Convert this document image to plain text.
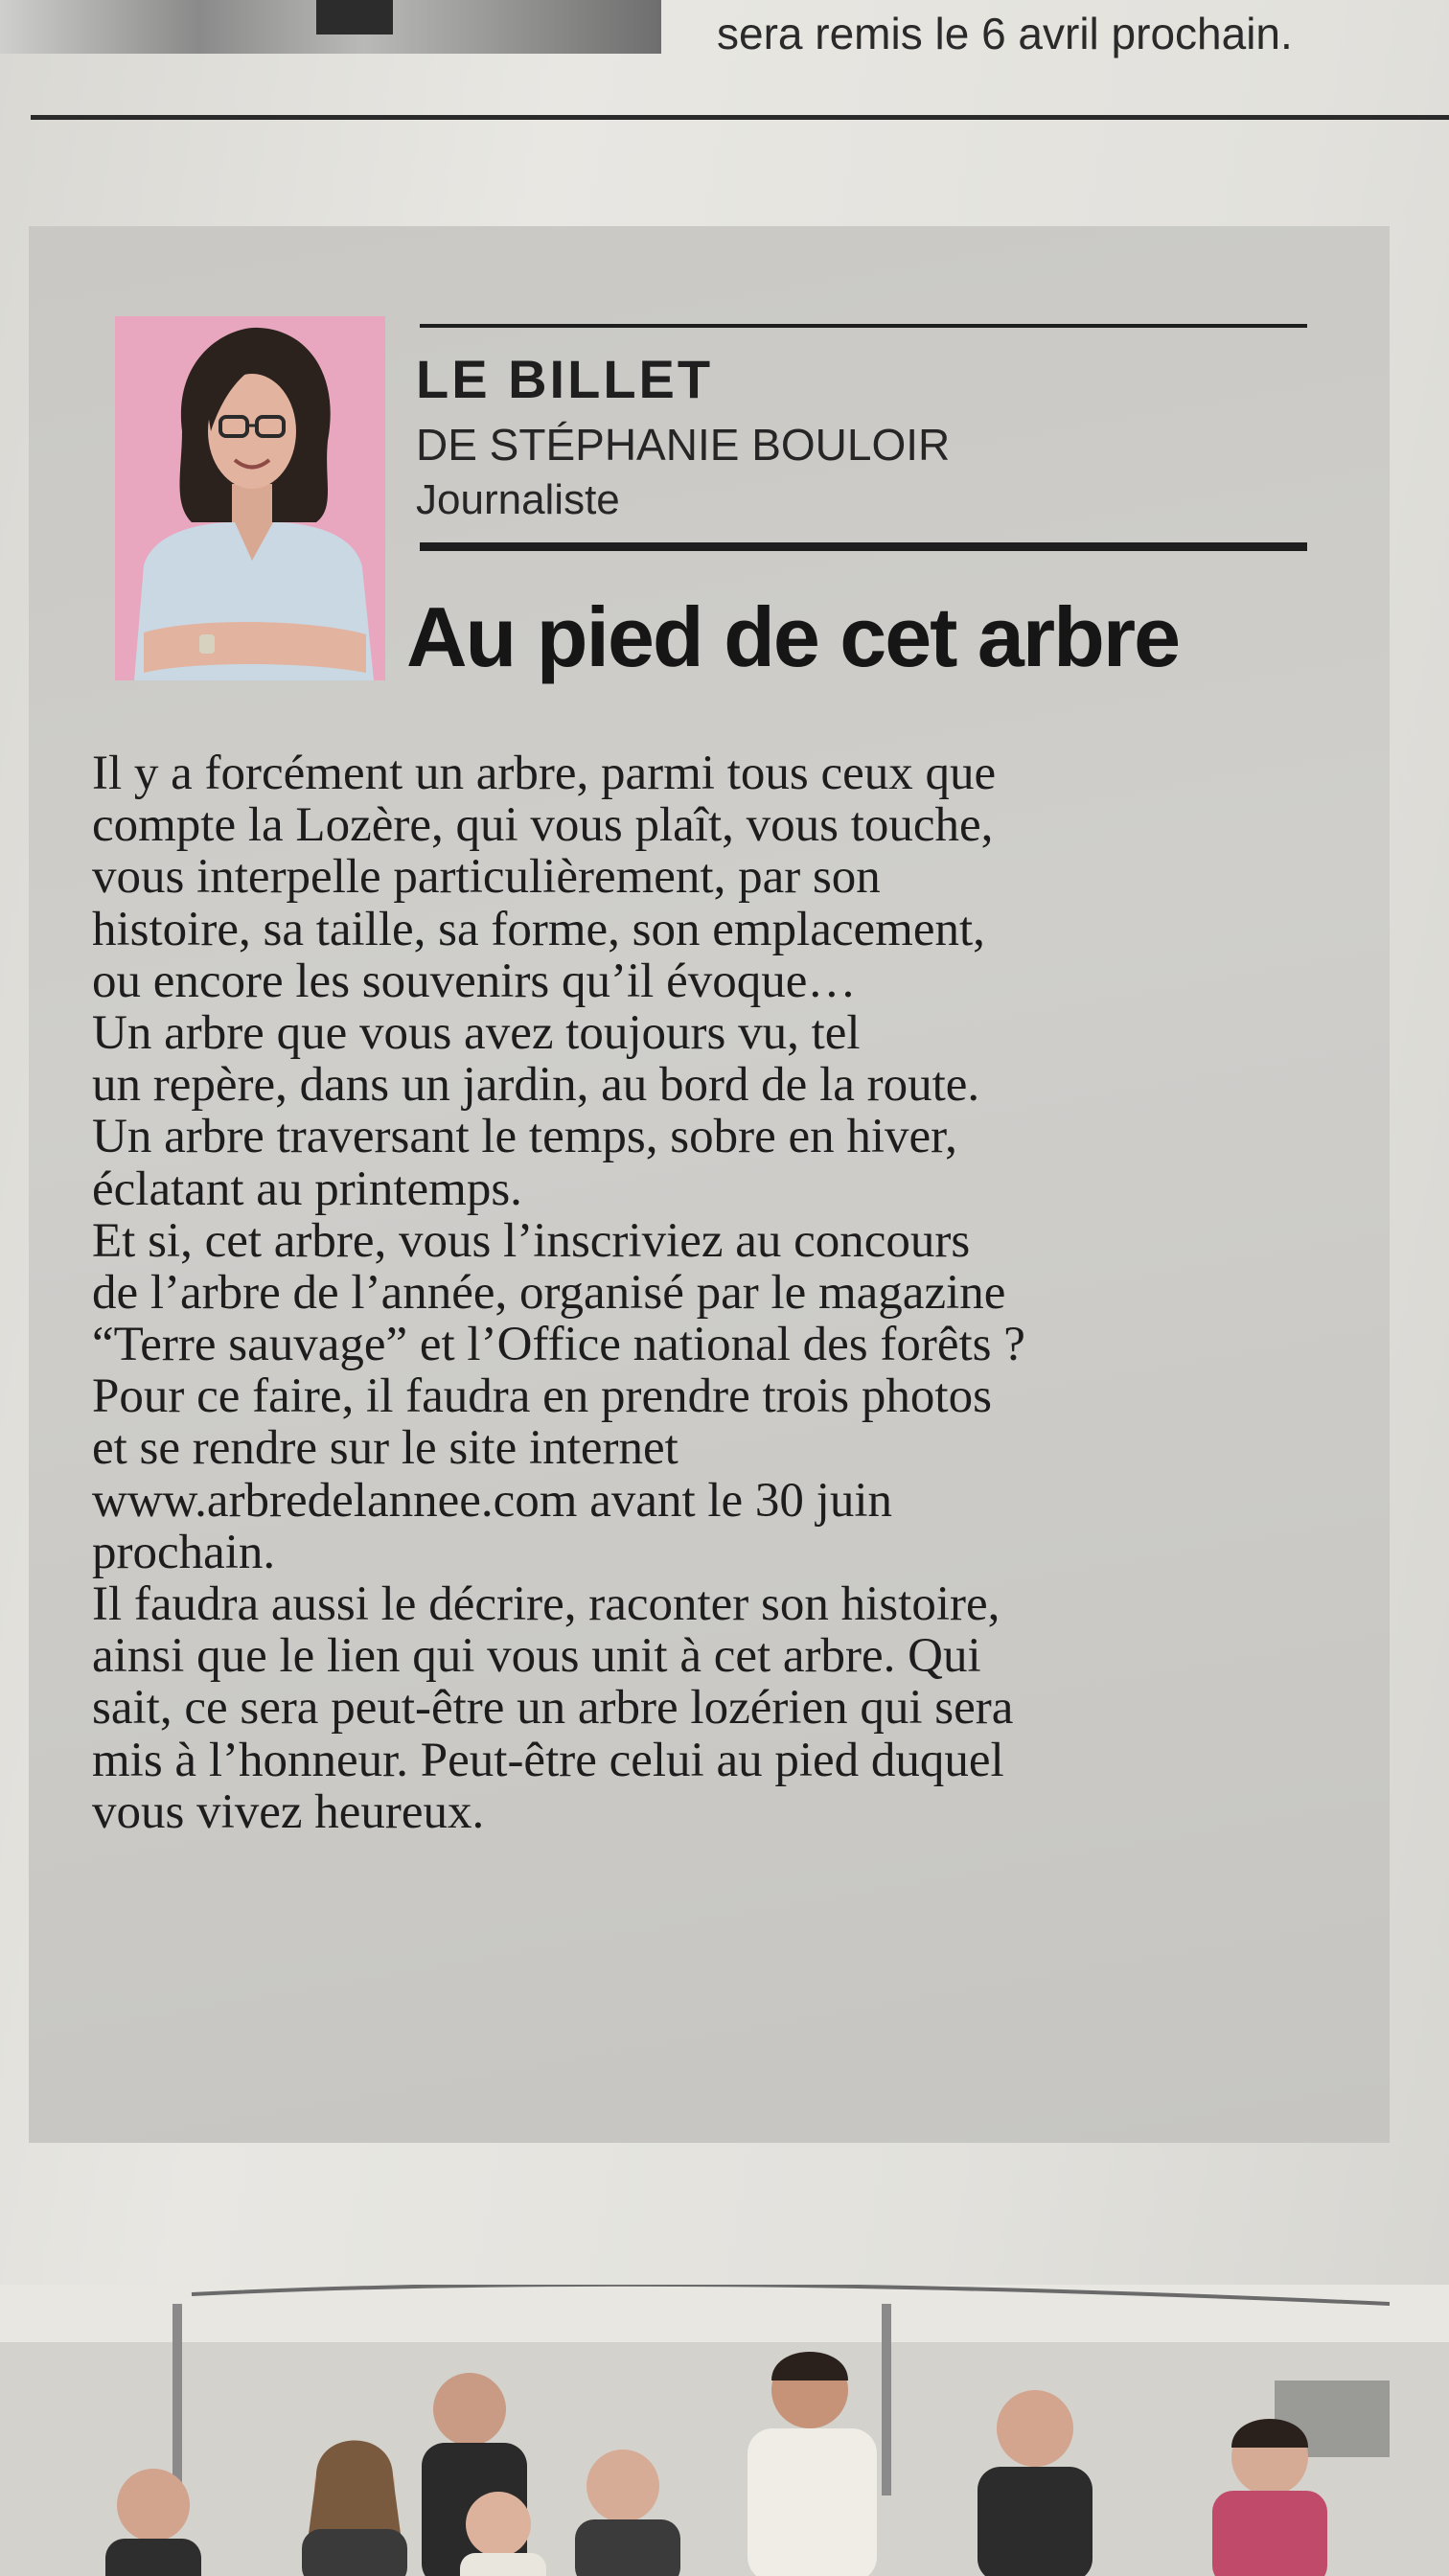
sera remis le 6 avril prochain.
LE BILLET
DE STÉPHANIE BOULOIR
Journaliste
Au pied de cet arbre
Il y a forcément un arbre, parmi tous ceux que
compte la Lozère, qui vous plaît, vous touche,
vous interpelle particulièrement, par son
histoire, sa taille, sa forme, son emplacement,
ou encore les souvenirs qu’il évoque…
Un arbre que vous avez toujours vu, tel
un repère, dans un jardin, au bord de la route.
Un arbre traversant le temps, sobre en hiver,
éclatant au printemps.
Et si, cet arbre, vous l’inscriviez au concours
de l’arbre de l’année, organisé par le magazine
“Terre sauvage” et l’Office national des forêts ?
Pour ce faire, il faudra en prendre trois photos
et se rendre sur le site internet
www.arbredelannee.com avant le 30 juin
prochain.
Il faudra aussi le décrire, raconter son histoire,
ainsi que le lien qui vous unit à cet arbre. Qui
sait, ce sera peut-être un arbre lozérien qui sera
mis à l’honneur. Peut-être celui au pied duquel
vous vivez heureux.
